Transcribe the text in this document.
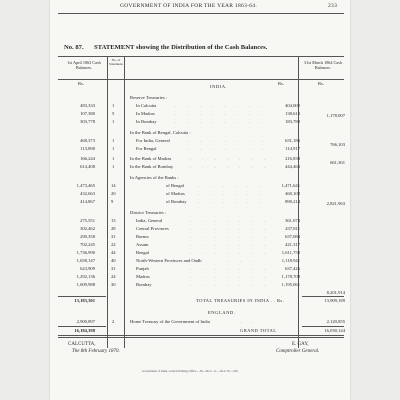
GOVERNMENT OF INDIA FOR THE YEAR 1863-64.	233
No. 87. STATEMENT showing the Distribution of the Cash Balances.
1st April 1863 Cash Balances.
No. of Statement.	31st March 1864 Cash Balances.
Rs.	Rs.	Rs.
INDIA.
Reserve Treasuries :
483,333	1	In Calcutta	. . . . . . . .	404,000
107,380	5	In Madras	. . . . . . . .	138,613
303,778	1	In Bombay	. . . . . . . .	183,789
1,178,007
In the Bank of Bengal, Calcutta :
468,373	1	For India, General	. . . . . . .	631,186
113,890	1	For Bengal	. . . . . . .	114,917
766,103
166,244	1	In the Bank of Madras	. . . . . . .	216,838
614,408	1	In the Bank of Bombay	. . . . . . .	444,463
661,301
In Agencies of the Banks :
1,473,465	14	of Bengal	. . . . . .	1,471,641
432,663	20	of Madras	. . . . . .	460,108
414,867	9	of Bombay . . . . . .	890,214	2,821,963
District Treasuries :
275,551	13	India, General	361,074
. . . . . . .
302,462	28	Central Provinces	437,811
. . . . . . .
290,358	31	Burma	637,084
. . . . . . .
702,245	22	Assam	421,317
. . . . . . .
1,736,990	44	Bengal	1,611,758
. . . . . . .
1,658,147	40	North-Western Provinces and Oudh	1,118,941
. . .
623,909	31	Punjab	637,426
. . . . . . .
1,292,136	24	Madras	1,178,709
. . . . . . .
1,609,988	30	Bombay	1,195,061
. . . . . . .
8,201,914
13,183,301	TOTAL TREASURIES IN INDIA . . Rs.	13,909,189
ENGLAND.
2,900,897	2	Home Treasury of the Government of India	. .	2,120,855
16,184,398	GRAND TOTAL	16,030,144
CALCUTTA,
The 8th February 1870.
E. GAY,
Comptroller General.
Government of India, Central Printing Office.—No. 422 C. G.—26-2-70.—250.
